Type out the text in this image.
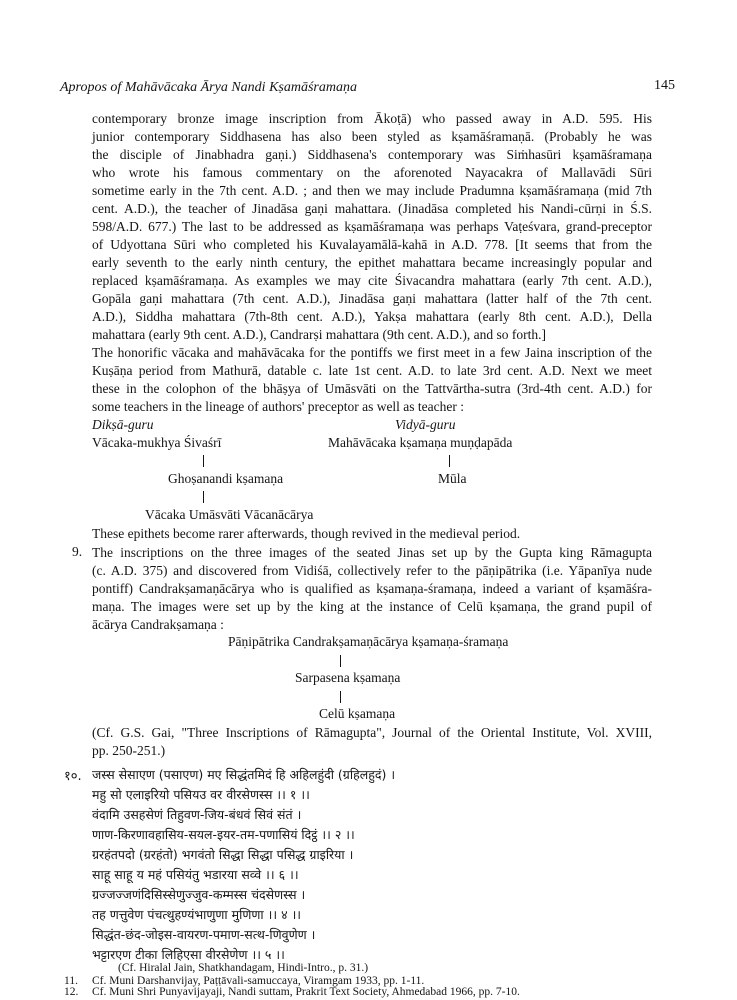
Apropos of Mahāvācaka Ārya Nandi Kṣamāśramaṇa	145
contemporary bronze image inscription from Ākoṭā) who passed away in A.D. 595. His
junior contemporary Siddhasena has also been styled as kṣamāśramaṇā. (Probably he was
the disciple of Jinabhadra gaṇi.) Siddhasena's contemporary was Siṁhasūri kṣamāśramaṇa
who wrote his famous commentary on the aforenoted Nayacakra of Mallavādi Sūri
sometime early in the 7th cent. A.D. ; and then we may include Pradumna kṣamāśramaṇa (mid 7th
cent. A.D.), the teacher of Jinadāsa gaṇi mahattara. (Jinadāsa completed his Nandi-cūrṇi in Ś.S.
598/A.D. 677.) The last to be addressed as kṣamāśramaṇa was perhaps Vaṭeśvara, grand-preceptor
of Udyottana Sūri who completed his Kuvalayamālā-kahā in A.D. 778. [It seems that from the
early seventh to the early ninth century, the epithet mahattara became increasingly popular and
replaced kṣamāśramaṇa. As examples we may cite Śivacandra mahattara (early 7th cent. A.D.),
Gopāla gaṇi mahattara (7th cent. A.D.), Jinadāsa gaṇi mahattara (latter half of the 7th cent.
A.D.), Siddha mahattara (7th-8th cent. A.D.), Yakṣa mahattara (early 8th cent. A.D.), Della
mahattara (early 9th cent. A.D.), Candrarṣi mahattara (9th cent. A.D.), and so forth.]
The honorific vācaka and mahāvācaka for the pontiffs we first meet in a few Jaina inscription of the
Kuṣāṇa period from Mathurā, datable c. late 1st cent. A.D. to late 3rd cent. A.D. Next we meet
these in the colophon of the bhāṣya of Umāsvāti on the Tattvārtha-sutra (3rd-4th cent. A.D.) for
some teachers in the lineage of authors' preceptor as well as teacher :
Dikṣā-guru
Vācaka-mukhya Śivaśrī
Ghoṣanandi kṣamaṇa
Vācaka Umāsvāti Vācanācārya
Vidyā-guru
Mahāvācaka kṣamaṇa muṇḍapāda
Mūla
These epithets become rarer afterwards, though revived in the medieval period.
9. The inscriptions on the three images of the seated Jinas set up by the Gupta king Rāmagupta
(c. A.D. 375) and discovered from Vidiśā, collectively refer to the pāṇipātrika (i.e. Yāpanīya nude
pontiff) Candrakṣamaṇācārya who is qualified as kṣamaṇa-śramaṇa, indeed a variant of kṣamāśra-
maṇa. The images were set up by the king at the instance of Celū kṣamaṇa, the grand pupil of
ācārya Candrakṣamaṇa :
Pāṇipātrika Candrakṣamaṇācārya kṣamaṇa-śramaṇa
Sarpasena kṣamaṇa
Celū kṣamaṇa
(Cf. G.S. Gai, "Three Inscriptions of Rāmagupta", Journal of the Oriental Institute, Vol. XVIII,
pp. 250-251.)
१०. जस्स सेसाएण (पसाएण) मए सिद्धंतमिदं हि अहिलहुंदी (ग्रहिलहुदं) ।
महु सो एलाइरियो पसियउ वर वीरसेणस्स ।। १ ।।
वंदामि उसहसेणं तिहुवण-जिय-बंधवं सिवं संतं ।
णाण-किरणावहासिय-सयल-इयर-तम-पणासियं दिट्ठं ।। २ ।।
ग्ररहंतपदो (ग्ररहंतो) भगवंतो सिद्धा सिद्धा पसिद्ध ग्राइरिया ।
साहू साहू य महं पसियंतु भडारया सव्वे ।। ६ ।।
ग्रज्जज्जणंदिसिस्सेणुज्जुव-कम्मस्स चंदसेणस्स ।
तह णत्तुवेण पंचत्थुहण्यंभाणुणा मुणिणा ।। ४ ।।
सिद्धंत-छंद-जोइस-वायरण-पमाण-सत्थ-णिवुणेण ।
भट्टारएण टीका लिहिएसा वीरसेणेण ।। ५ ।।
(Cf. Hiralal Jain, Shatkhandagam, Hindi-Intro., p. 31.)
11. Cf. Muni Darshanvijay, Paṭṭāvali-samuccaya, Viramgam 1933, pp. 1-11.
12. Cf. Muni Shri Punyavijayaji, Nandi suttam, Prakrit Text Society, Ahmedabad 1966, pp. 7-10.
